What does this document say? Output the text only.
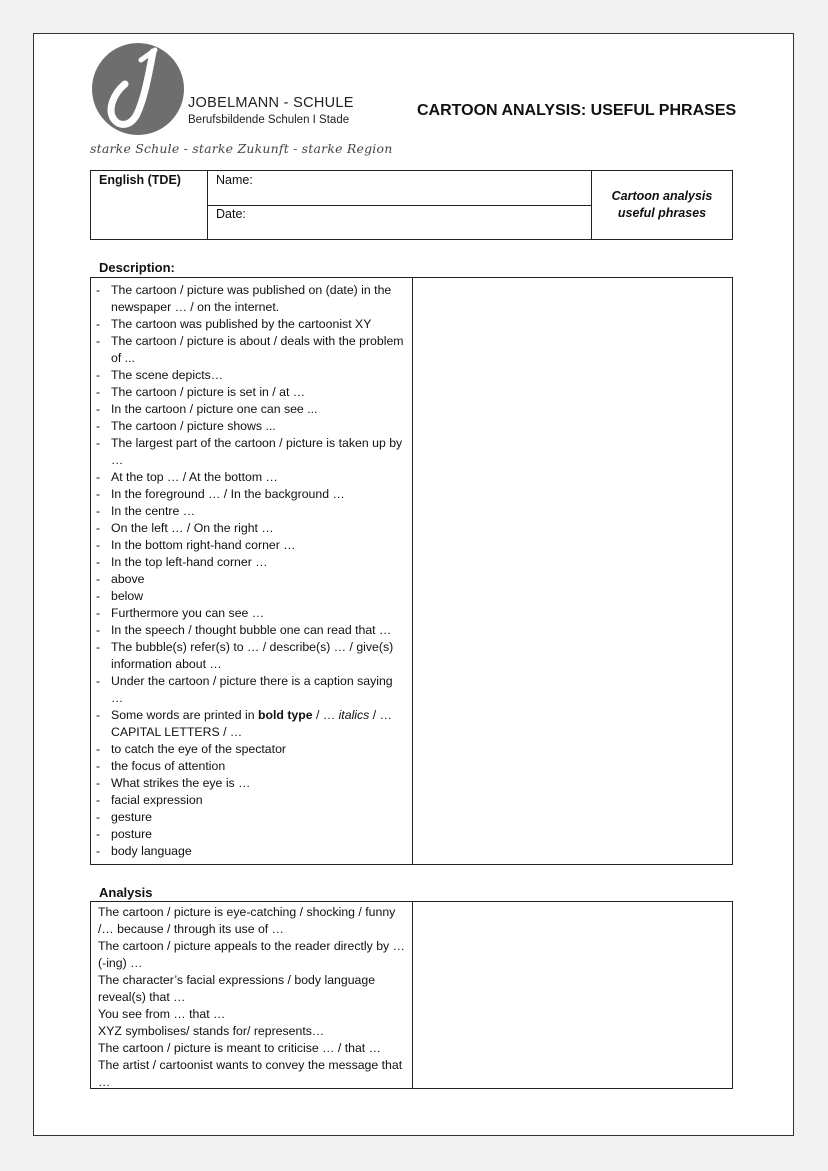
JOBELMANN - SCHULE
Berufsbildende Schulen I Stade
CARTOON ANALYSIS: USEFUL PHRASES
starke Schule - starke Zukunft - starke Region
English (TDE)	Name:
Date:
Cartoon analysis
useful phrases
Description:
- The cartoon / picture was published on (date) in the newspaper … / on the internet.
- The cartoon was published by the cartoonist XY
- The cartoon / picture is about / deals with the problem of ...
- The scene depicts…
- The cartoon / picture is set in / at …
- In the cartoon / picture one can see ...
- The cartoon / picture shows ...
- The largest part of the cartoon / picture is taken up by …
- At the top … / At the bottom …
- In the foreground … / In the background …
- In the centre …
- On the left … / On the right …
- In the bottom right-hand corner …
- In the top left-hand corner …
- above
- below
- Furthermore you can see …
- In the speech / thought bubble one can read that …
- The bubble(s) refer(s) to … / describe(s) … / give(s) information about …
- Under the cartoon / picture there is a caption saying …
- Some words are printed in bold type / … italics / … CAPITAL LETTERS / …
- to catch the eye of the spectator
- the focus of attention
- What strikes the eye is …
- facial expression
- gesture
- posture
- body language
Analysis
The cartoon / picture is eye-catching / shocking / funny /… because / through its use of …
The cartoon / picture appeals to the reader directly by … (-ing) …
The character’s facial expressions / body language reveal(s) that …
You see from … that …
XYZ symbolises/ stands for/ represents…
The cartoon / picture is meant to criticise … / that …
The artist / cartoonist wants to convey the message that …
